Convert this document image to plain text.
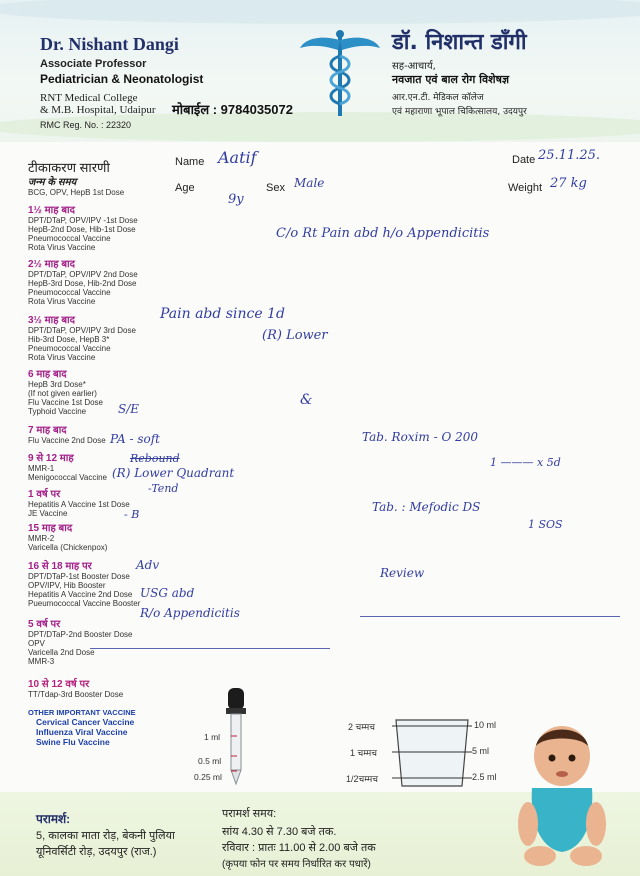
Dr. Nishant Dangi
Associate Professor
Pediatrician & Neonatologist
RNT Medical College
& M.B. Hospital, Udaipur
RMC Reg. No. : 22320
मोबाईल : 9784035072
डॉ. निशान्त डाँगी
सह-आचार्य,
नवजात एवं बाल रोग विशेषज्ञ
आर.एन.टी. मेडिकल कॉलेज
एवं महाराणा भूपाल चिकित्सालय, उदयपुर
Name Aatif
Age
9y
Sex Male
Date 25.11.25.
Weight 27 kg
टीकाकरण सारणी
जन्म के समय
BCG, OPV, HepB 1st Dose
1½ माह बाद
DPT/DTaP, OPV/IPV -1st Dose
HepB-2nd Dose, Hib-1st Dose
Pneumococcal Vaccine
Rota Virus Vaccine
2½ माह बाद
DPT/DTaP, OPV/IPV 2nd Dose
HepB-3rd Dose, Hib-2nd Dose
Pneumococcal Vaccine
Rota Virus Vaccine
3½ माह बाद
DPT/DTaP, OPV/IPV 3rd Dose
Hib-3rd Dose, HepB 3*
Pneumococcal Vaccine
Rota Virus Vaccine
6 माह बाद
HepB 3rd Dose*
(If not given earlier)
Flu Vaccine 1st Dose
Typhoid Vaccine
7 माह बाद
Flu Vaccine 2nd Dose
9 से 12 माह
MMR-1
Menigococcal Vaccine
1 वर्ष पर
Hepatitis A Vaccine 1st Dose
JE Vaccine
15 माह बाद
MMR-2
Varicella (Chickenpox)
16 से 18 माह पर
DPT/DTaP-1st Booster Dose
OPV/IPV, Hib Booster
Hepatitis A Vaccine 2nd Dose
Pueumococcal Vaccine Booster
5 वर्ष पर
DPT/DTaP-2nd Booster Dose
OPV
Varicella 2nd Dose
MMR-3
10 से 12 वर्ष पर
TT/Tdap-3rd Booster Dose
OTHER IMPORTANT VACCINE
Cervical Cancer Vaccine
Influenza Viral Vaccine
Swine Flu Vaccine
C/o Rt Pain abd h/o Appendicitis
Pain abd since 1d
(R) Lower
&
S/E
PA - soft
Rebound
(R) Lower Quadrant
-Tend
- B
Adv
USG abd
R/o Appendicitis
Tab. Roxim - O 200
1 ——— x 5d
Tab. : Mefodic DS
1 SOS
Review
1 ml
0.5 ml
0.25 ml
2 चम्मच	10 ml
1 चम्मच	5 ml
1/2चम्मच	2.5 ml
परामर्श:
5, कालका माता रोड़, बेकनी पुलिया
यूनिवर्सिटी रोड़, उदयपुर (राज.)
परामर्श समय:
सांय 4.30 से 7.30 बजे तक.
रविवार : प्रातः 11.00 से 2.00 बजे तक
(कृपया फोन पर समय निर्धारित कर पधारें)
